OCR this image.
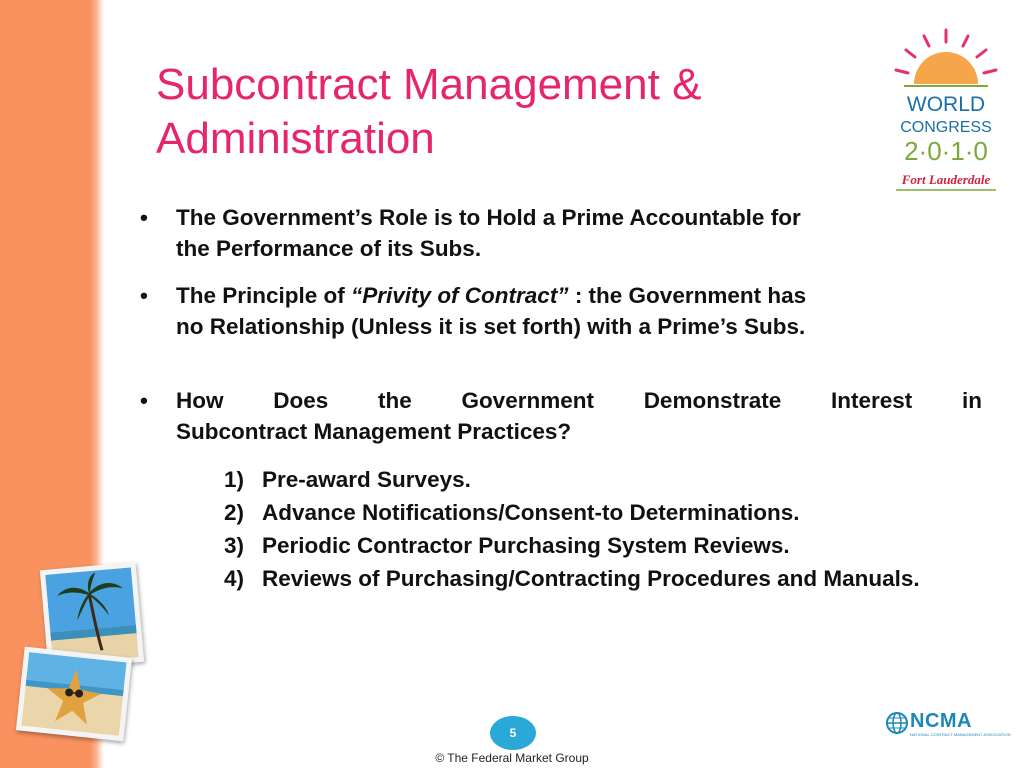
Subcontract Management &
Administration
WORLD
CONGRESS
2·0·1·0
Fort Lauderdale
• The Government’s Role is to Hold a Prime Accountable for
the Performance of its Subs.
• The Principle of “Privity of Contract” : the Government has
no Relationship (Unless it is set forth) with a Prime’s Subs.
• How Does the Government Demonstrate Interest in
Subcontract Management Practices?
1) Pre-award Surveys.
2) Advance Notifications/Consent-to Determinations.
3) Periodic Contractor Purchasing System Reviews.
4) Reviews of Purchasing/Contracting Procedures and Manuals.
5
© The Federal Market Group
NCMA
NATIONAL CONTRACT MANAGEMENT ASSOCIATION
